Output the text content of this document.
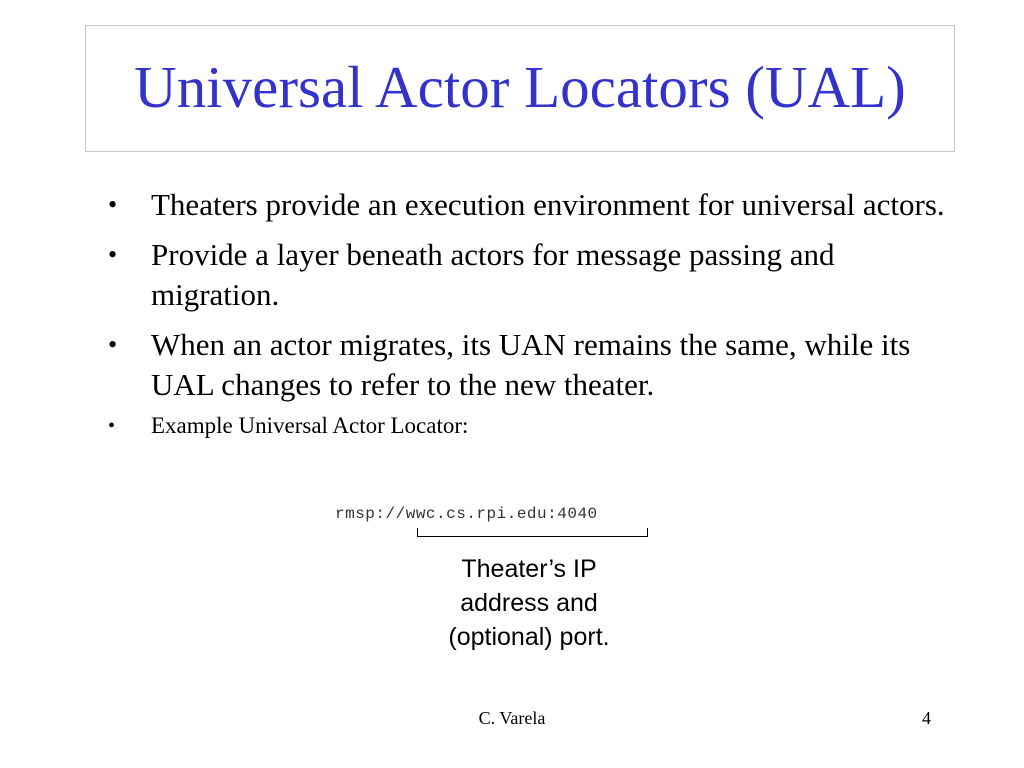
Universal Actor Locators (UAL)
• Theaters provide an execution environment for universal actors.
• Provide a layer beneath actors for message passing and migration.
• When an actor migrates, its UAN remains the same, while its UAL changes to refer to the new theater.
• Example Universal Actor Locator:
rmsp://wwc.cs.rpi.edu:4040
Theater’s IP
address and
(optional) port.
C. Varela	4
